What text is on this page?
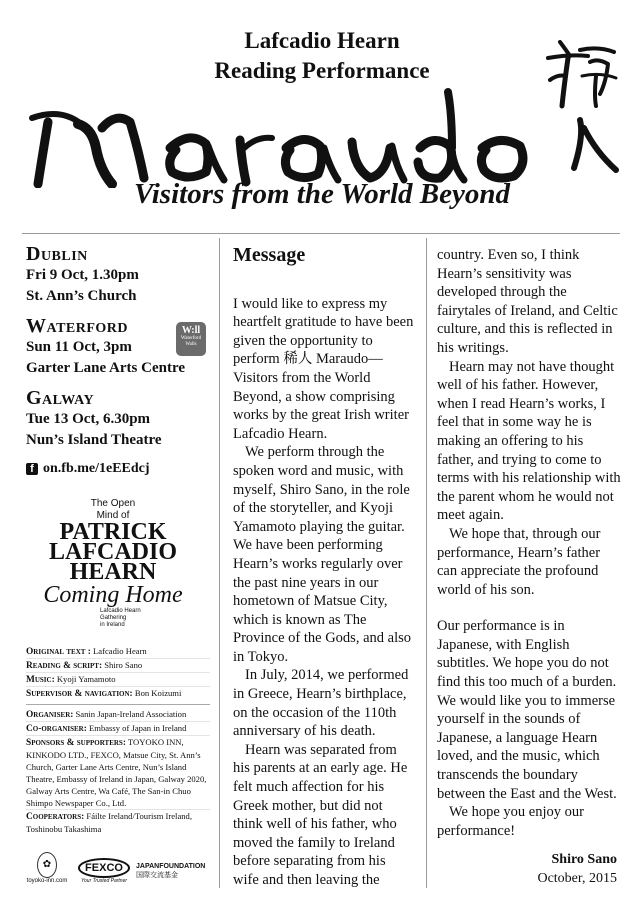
Lafcadio Hearn
Reading Performance
Visitors from the World Beyond
Dublin
Fri 9 Oct, 1.30pm
St. Ann’s Church
Waterford
Sun 11 Oct, 3pm
Garter Lane Arts Centre
Galway
Tue 13 Oct, 6.30pm
Nun’s Island Theatre
f on.fb.me/1eEEdcj
W:ll
Waterford Walls
The Open
Mind of
PATRICK
LAFCADIO
HEARN
Coming Home
Lafcadio Hearn
Gathering
in Ireland
Original text : Lafcadio Hearn
Reading & script: Shiro Sano
Music: Kyoji Yamamoto
Supervisor & navigation: Bon Koizumi
Organiser: Sanin Japan-Ireland Association
Co-organiser: Embassy of Japan in Ireland
Sponsors & supporters: TOYOKO INN, KINKODO LTD., FEXCO, Matsue City, St. Ann’s Church, Garter Lane Arts Centre, Nun’s Island Theatre, Embassy of Ireland in Japan, Galway 2020, Galway Arts Centre, Wa Café, The San-in Chuo Shimpo Newspaper Co., Ltd.
Cooperators: Fáilte Ireland/Tourism Ireland, Toshinobu Takashima
✿
toyoko-inn.com
FEXCO
Your Trusted Partner
JAPANFOUNDATION
国際交流基金
Message

I would like to express my heartfelt gratitude to have been given the opportunity to perform 稀人 Maraudo—Visitors from the World Beyond, a show comprising works by the great Irish writer Lafcadio Hearn.

We perform through the spoken word and music, with myself, Shiro Sano, in the role of the storyteller, and Kyoji Yamamoto playing the guitar. We have been performing Hearn’s works regularly over the past nine years in our hometown of Matsue City, which is known as The Province of the Gods, and also in Tokyo.

In July, 2014, we performed in Greece, Hearn’s birthplace, on the occasion of the 110th anniversary of his death.

Hearn was separated from his parents at an early age. He felt much affection for his Greek mother, but did not think well of his father, who moved the family to Ireland before separating from his wife and then leaving the

country. Even so, I think Hearn’s sensitivity was developed through the fairytales of Ireland, and Celtic culture, and this is reflected in his writings.

Hearn may not have thought well of his father. However, when I read Hearn’s works, I feel that in some way he is making an offering to his father, and trying to come to terms with his relationship with the parent whom he would not meet again.

We hope that, through our performance, Hearn’s father can appreciate the profound world of his son.

Our performance is in Japanese, with English subtitles. We hope you do not find this too much of a burden. We would like you to immerse yourself in the sounds of Japanese, a language Hearn loved, and the music, which transcends the boundary between the East and the West.

We hope you enjoy our performance!

Shiro Sano
October, 2015
